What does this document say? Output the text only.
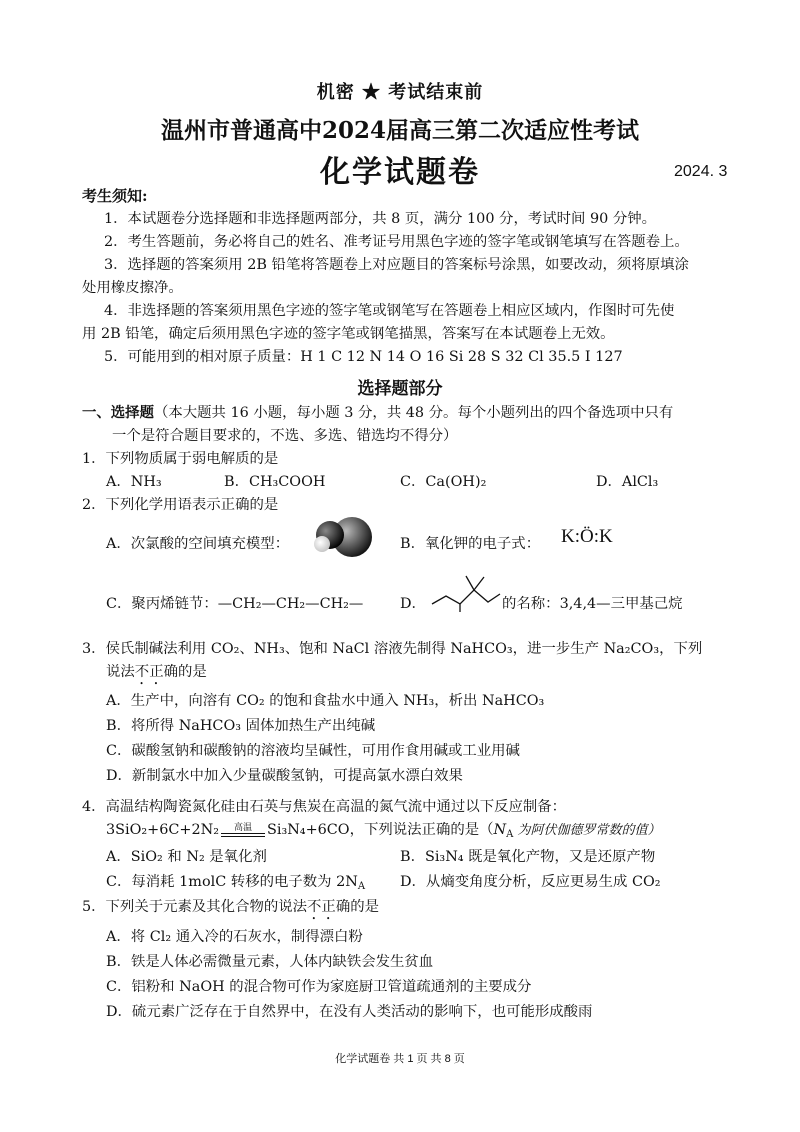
机密 ★ 考试结束前
温州市普通高中2024届高三第二次适应性考试
化学试题卷	2024. 3
考生须知:
1．本试题卷分选择题和非选择题两部分，共 8 页，满分 100 分，考试时间 90 分钟。
2．考生答题前，务必将自己的姓名、准考证号用黑色字迹的签字笔或钢笔填写在答题卷上。
3．选择题的答案须用 2B 铅笔将答题卷上对应题目的答案标号涂黑，如要改动，须将原填涂
处用橡皮擦净。
4．非选择题的答案须用黑色字迹的签字笔或钢笔写在答题卷上相应区域内，作图时可先使
用 2B 铅笔，确定后须用黑色字迹的签字笔或钢笔描黑，答案写在本试题卷上无效。
5．可能用到的相对原子质量：H 1 C 12 N 14 O 16 Si 28 S 32 Cl 35.5 I 127
选择题部分
一、选择题（本大题共 16 小题，每小题 3 分，共 48 分。每个小题列出的四个备选项中只有
一个是符合题目要求的，不选、多选、错选均不得分）
1．下列物质属于弱电解质的是
A．NH₃	B．CH₃COOH	C．Ca(OH)₂	D．AlCl₃
2．下列化学用语表示正确的是
A．次氯酸的空间填充模型：	B．氧化钾的电子式： K:Ö:K
C．聚丙烯链节：—CH₂—CH₂—CH₂—	D．	的名称：3,4,4—三甲基己烷
3．侯氏制碱法利用 CO₂、NH₃、饱和 NaCl 溶液先制得 NaHCO₃，进一步生产 Na₂CO₃，下列
说法不正确的是
A．生产中，向溶有 CO₂ 的饱和食盐水中通入 NH₃，析出 NaHCO₃
B．将所得 NaHCO₃ 固体加热生产出纯碱
C．碳酸氢钠和碳酸钠的溶液均呈碱性，可用作食用碱或工业用碱
D．新制氯水中加入少量碳酸氢钠，可提高氯水漂白效果
4．高温结构陶瓷氮化硅由石英与焦炭在高温的氮气流中通过以下反应制备：
3SiO₂+6C+2N₂ 高温 Si₃N₄+6CO，下列说法正确的是（$N_A$ 为阿伏伽德罗常数的值）
A．SiO₂ 和 N₂ 是氧化剂	B．Si₃N₄ 既是氧化产物，又是还原产物
C．每消耗 1molC 转移的电子数为 $2N_A$ D．从熵变角度分析，反应更易生成 CO₂
5．下列关于元素及其化合物的说法不正确的是
A．将 Cl₂ 通入冷的石灰水，制得漂白粉
B．铁是人体必需微量元素，人体内缺铁会发生贫血
C．铝粉和 NaOH 的混合物可作为家庭厨卫管道疏通剂的主要成分
D．硫元素广泛存在于自然界中，在没有人类活动的影响下，也可能形成酸雨
化学试题卷 共 1 页 共 8 页
